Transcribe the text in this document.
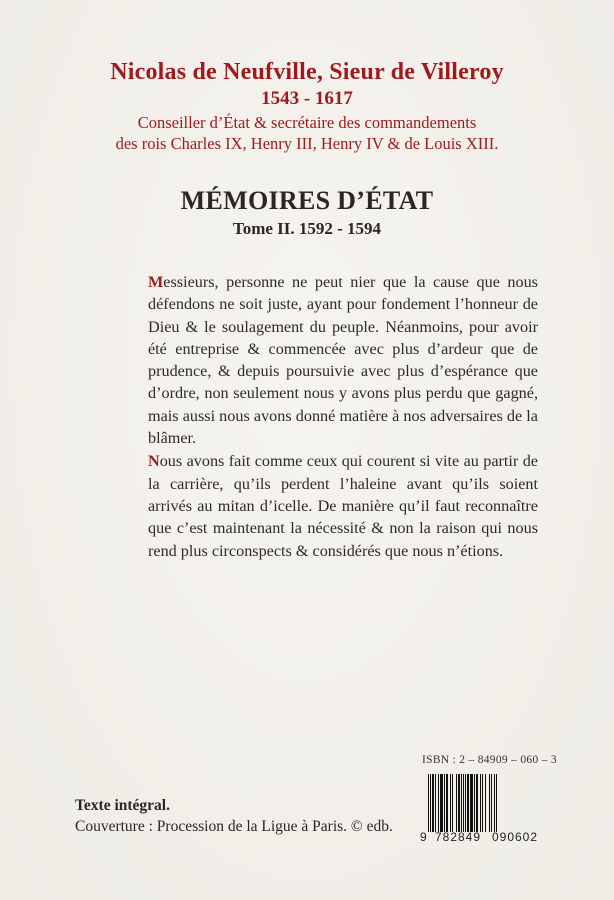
Nicolas de Neufville, Sieur de Villeroy
1543 - 1617
Conseiller d’État & secrétaire des commandements
des rois Charles IX, Henry III, Henry IV & de Louis XIII.
MÉMOIRES D’ÉTAT
Tome II. 1592 - 1594

Messieurs, personne ne peut nier que la cause que nous défendons ne soit juste, ayant pour fondement l’honneur de Dieu & le soulagement du peuple. Néanmoins, pour avoir été entreprise & commencée avec plus d’ardeur que de prudence, & depuis poursuivie avec plus d’espérance que d’ordre, non seulement nous y avons plus perdu que gagné, mais aussi nous avons donné matière à nos adversaires de la blâmer.

Nous avons fait comme ceux qui courent si vite au partir de la carrière, qu’ils perdent l’haleine avant qu’ils soient arrivés au mitan d’icelle. De manière qu’il faut reconnaître que c’est maintenant la nécessité & non la raison qui nous rend plus circonspects & considérés que nous n’étions.

ISBN : 2 – 84909 – 060 – 3
9 782849 090602
Texte intégral.
Couverture : Procession de la Ligue à Paris. © edb.
